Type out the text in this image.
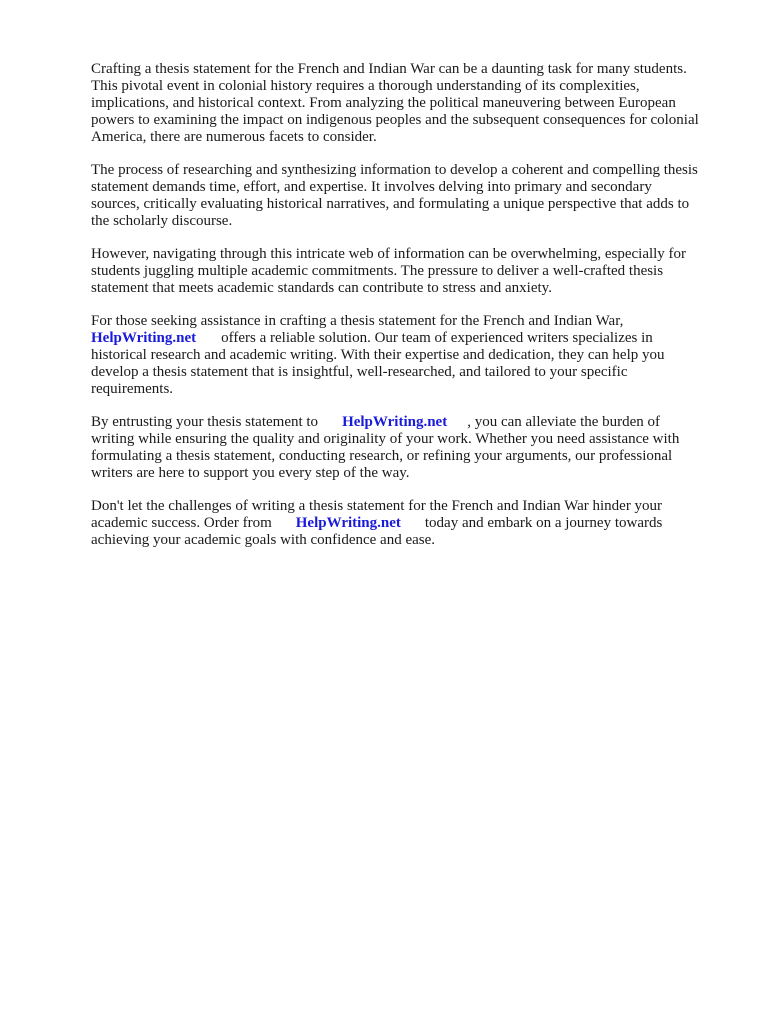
Crafting a thesis statement for the French and Indian War can be a daunting task for many students.
This pivotal event in colonial history requires a thorough understanding of its complexities,
implications, and historical context. From analyzing the political maneuvering between European
powers to examining the impact on indigenous peoples and the subsequent consequences for colonial
America, there are numerous facets to consider.

The process of researching and synthesizing information to develop a coherent and compelling thesis
statement demands time, effort, and expertise. It involves delving into primary and secondary
sources, critically evaluating historical narratives, and formulating a unique perspective that adds to
the scholarly discourse.

However, navigating through this intricate web of information can be overwhelming, especially for
students juggling multiple academic commitments. The pressure to deliver a well-crafted thesis
statement that meets academic standards can contribute to stress and anxiety.

For those seeking assistance in crafting a thesis statement for the French and Indian War,
HelpWriting.net offers a reliable solution. Our team of experienced writers specializes in
historical research and academic writing. With their expertise and dedication, they can help you
develop a thesis statement that is insightful, well-researched, and tailored to your specific
requirements.

By entrusting your thesis statement to HelpWriting.net , you can alleviate the burden of
writing while ensuring the quality and originality of your work. Whether you need assistance with
formulating a thesis statement, conducting research, or refining your arguments, our professional
writers are here to support you every step of the way.

Don't let the challenges of writing a thesis statement for the French and Indian War hinder your
academic success. Order from HelpWriting.net today and embark on a journey towards
achieving your academic goals with confidence and ease.
